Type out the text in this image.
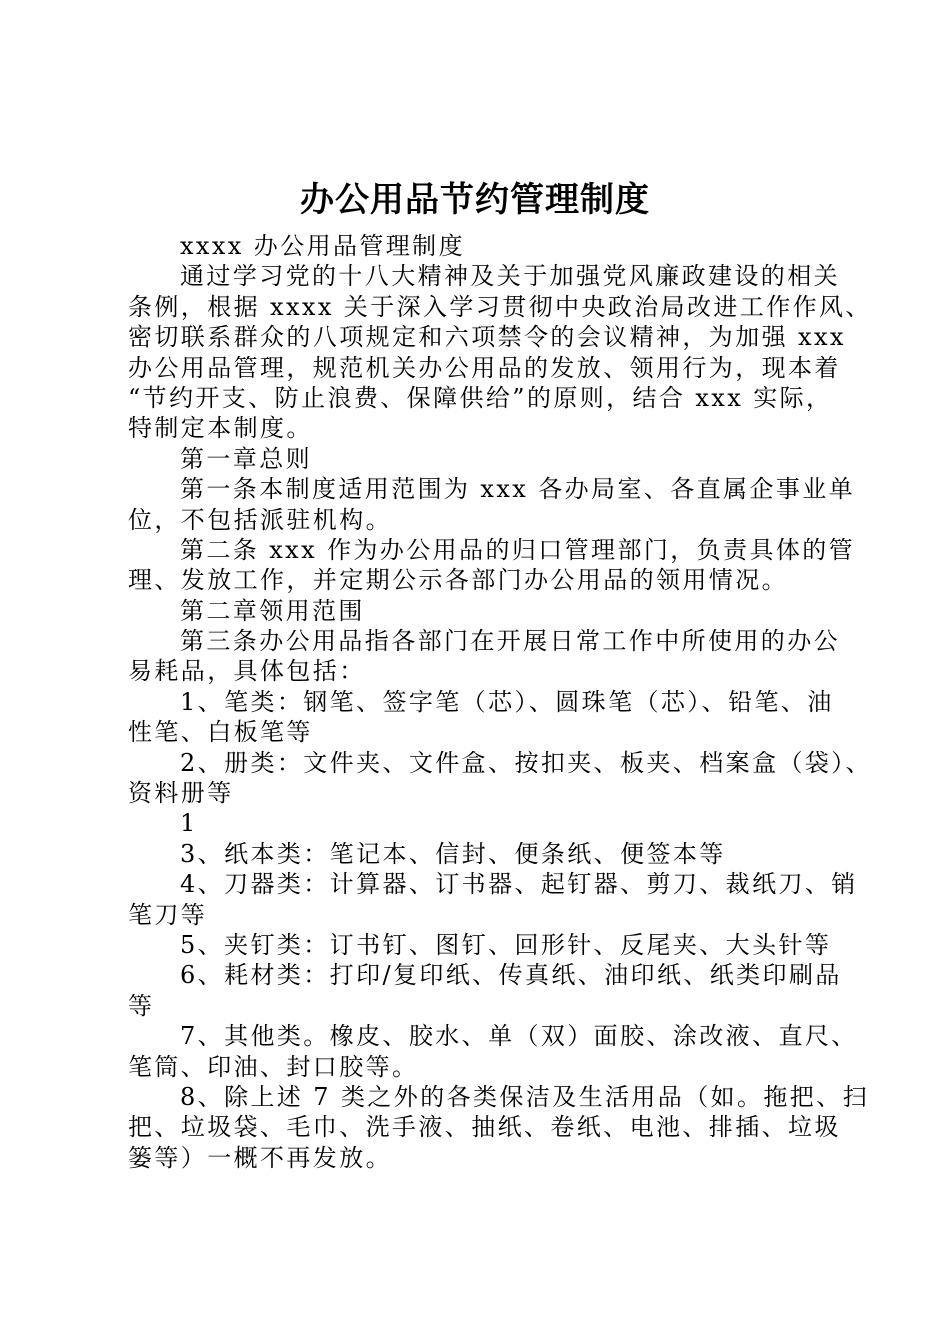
办公用品节约管理制度
xxxx 办公用品管理制度
通过学习党的十八大精神及关于加强党风廉政建设的相关
条例，根据 xxxx 关于深入学习贯彻中央政治局改进工作作风、
密切联系群众的八项规定和六项禁令的会议精神，为加强 xxx
办公用品管理，规范机关办公用品的发放、领用行为，现本着
“节约开支、防止浪费、保障供给”的原则，结合 xxx 实际，
特制定本制度。
第一章总则
第一条本制度适用范围为 xxx 各办局室、各直属企事业单
位，不包括派驻机构。
第二条 xxx 作为办公用品的归口管理部门，负责具体的管
理、发放工作，并定期公示各部门办公用品的领用情况。
第二章领用范围
第三条办公用品指各部门在开展日常工作中所使用的办公
易耗品，具体包括：
1、笔类：钢笔、签字笔（芯）、圆珠笔（芯）、铅笔、油
性笔、白板笔等
2、册类：文件夹、文件盒、按扣夹、板夹、档案盒（袋）、
资料册等
1
3、纸本类：笔记本、信封、便条纸、便签本等
4、刀器类：计算器、订书器、起钉器、剪刀、裁纸刀、销
笔刀等
5、夹钉类：订书钉、图钉、回形针、反尾夹、大头针等
6、耗材类：打印/复印纸、传真纸、油印纸、纸类印刷品
等
7、其他类。橡皮、胶水、单（双）面胶、涂改液、直尺、
笔筒、印油、封口胶等。
8、除上述 7 类之外的各类保洁及生活用品（如。拖把、扫
把、垃圾袋、毛巾、洗手液、抽纸、卷纸、电池、排插、垃圾
篓等）一概不再发放。
